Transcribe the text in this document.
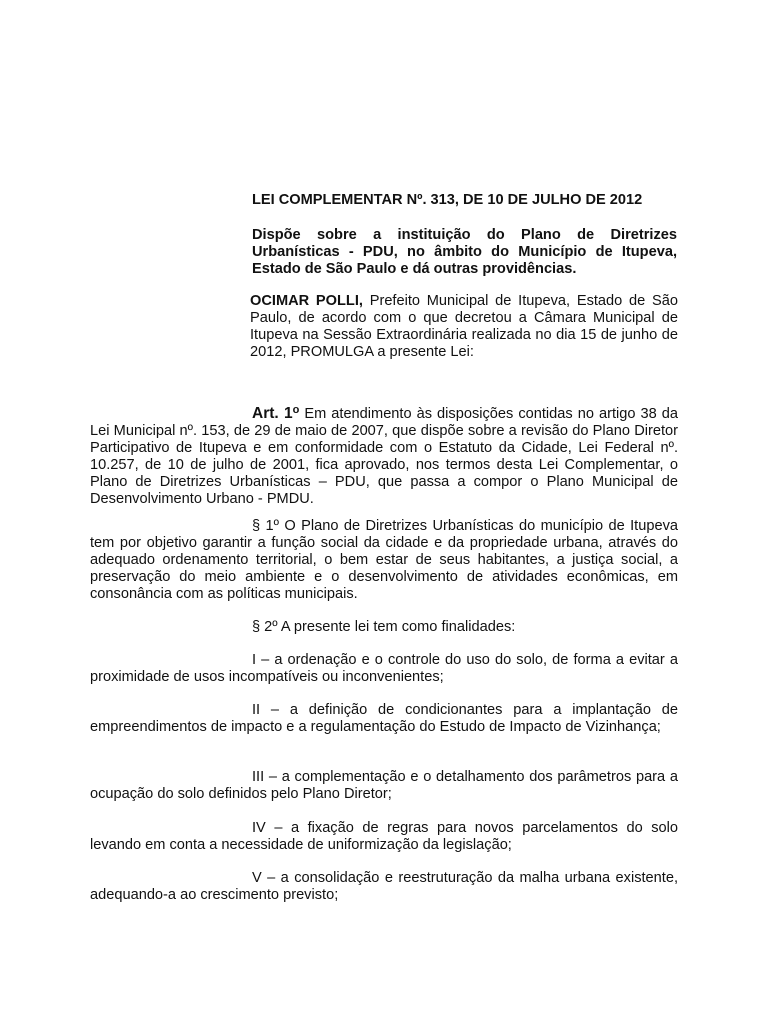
LEI COMPLEMENTAR Nº. 313, DE 10 DE JULHO DE 2012

Dispõe sobre a instituição do Plano de Diretrizes Urbanísticas - PDU, no âmbito do Município de Itupeva, Estado de São Paulo e dá outras providências.

OCIMAR POLLI, Prefeito Municipal de Itupeva, Estado de São Paulo, de acordo com o que decretou a Câmara Municipal de Itupeva na Sessão Extraordinária realizada no dia 15 de junho de 2012, PROMULGA a presente Lei:

Art. 1$^o$ Em atendimento às disposições contidas no artigo 38 da Lei Municipal nº. 153, de 29 de maio de 2007, que dispõe sobre a revisão do Plano Diretor Participativo de Itupeva e em conformidade com o Estatuto da Cidade, Lei Federal nº. 10.257, de 10 de julho de 2001, fica aprovado, nos termos desta Lei Complementar, o Plano de Diretrizes Urbanísticas – PDU, que passa a compor o Plano Municipal de Desenvolvimento Urbano - PMDU.

§ 1º O Plano de Diretrizes Urbanísticas do município de Itupeva tem por objetivo garantir a função social da cidade e da propriedade urbana, através do adequado ordenamento territorial, o bem estar de seus habitantes, a justiça social, a preservação do meio ambiente e o desenvolvimento de atividades econômicas, em consonância com as políticas municipais.

§ 2º A presente lei tem como finalidades:

I – a ordenação e o controle do uso do solo, de forma a evitar a proximidade de usos incompatíveis ou inconvenientes;

II – a definição de condicionantes para a implantação de empreendimentos de impacto e a regulamentação do Estudo de Impacto de Vizinhança;

III – a complementação e o detalhamento dos parâmetros para a ocupação do solo definidos pelo Plano Diretor;

IV – a fixação de regras para novos parcelamentos do solo levando em conta a necessidade de uniformização da legislação;

V – a consolidação e reestruturação da malha urbana existente, adequando-a ao crescimento previsto;
